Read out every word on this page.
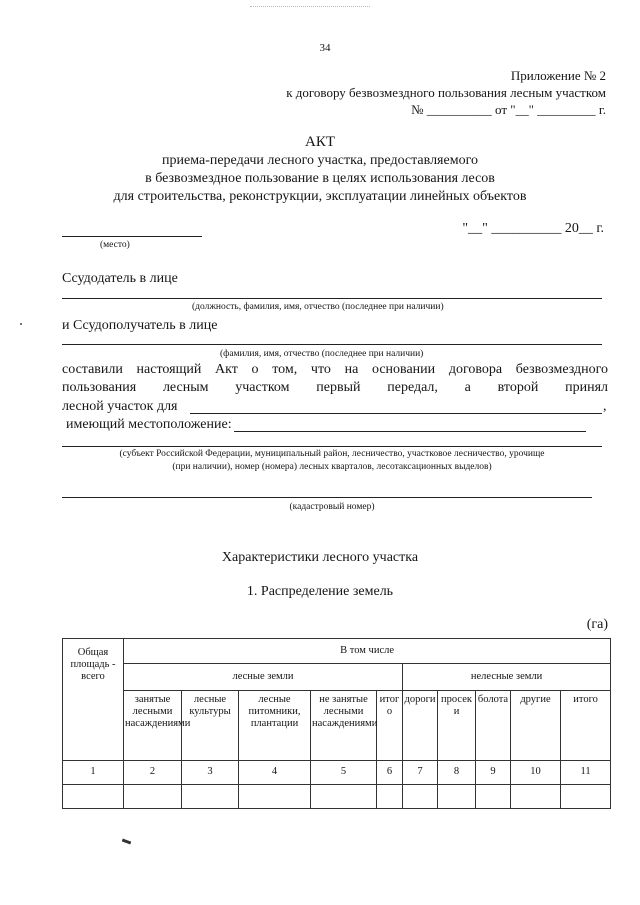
34
Приложение № 2
к договору безвозмездного пользования лесным участком
№ __________ от "__" _________ г.
АКТ
приема-передачи лесного участка, предоставляемого
в безвозмездное пользование в целях использования лесов
для строительства, реконструкции, эксплуатации линейных объектов
(место)
"__" __________ 20__ г.
Ссудодатель в лице
(должность, фамилия, имя, отчество (последнее при наличии)
и Ссудополучатель в лице
(фамилия, имя, отчество (последнее при наличии)
составили настоящий Акт о том, что на основании договора безвозмездного
пользования лесным участком первый передал, а второй принял
лесной участок для	,
имеющий местоположение:
(субъект Российской Федерации, муниципальный район, лесничество, участковое лесничество, урочище
(при наличии), номер (номера) лесных кварталов, лесотаксационных выделов)
(кадастровый номер)
Характеристики лесного участка
1. Распределение земель
(га)
Общая площадь - всего	В том числе									
	лесные земли					нелесные земли				
	занятые лесными насаждениями	лесные культуры	лесные питомники, плантации	не занятые лесными насаждениями	итого	дороги	просеки	болота	другие	итого
1	2	3	4	5	6	7	8	9	10	11
